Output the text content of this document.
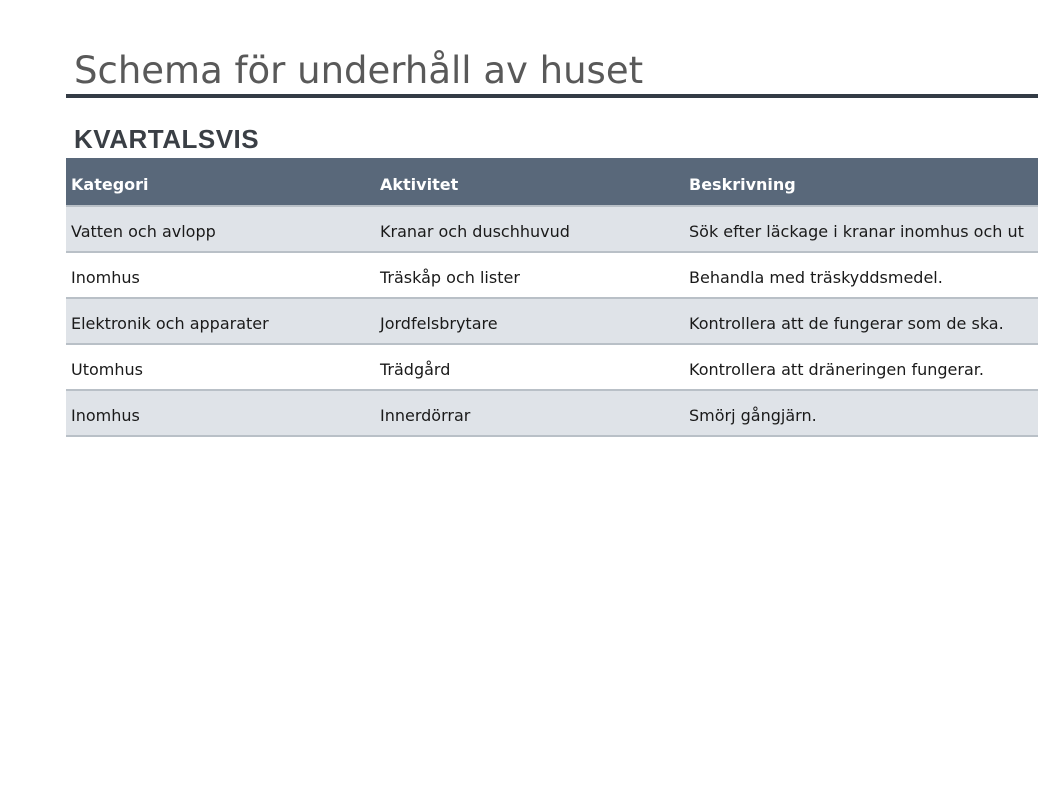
Schema för underhåll av huset
KVARTALSVIS
Kategori	Aktivitet	Beskrivning
Vatten och avlopp	Kranar och duschhuvud	Sök efter läckage i kranar inomhus och ut
Inomhus	Träskåp och lister	Behandla med träskyddsmedel.
Elektronik och apparater	Jordfelsbrytare	Kontrollera att de fungerar som de ska.
Utomhus	Trädgård	Kontrollera att dräneringen fungerar.
Inomhus	Innerdörrar	Smörj gångjärn.
